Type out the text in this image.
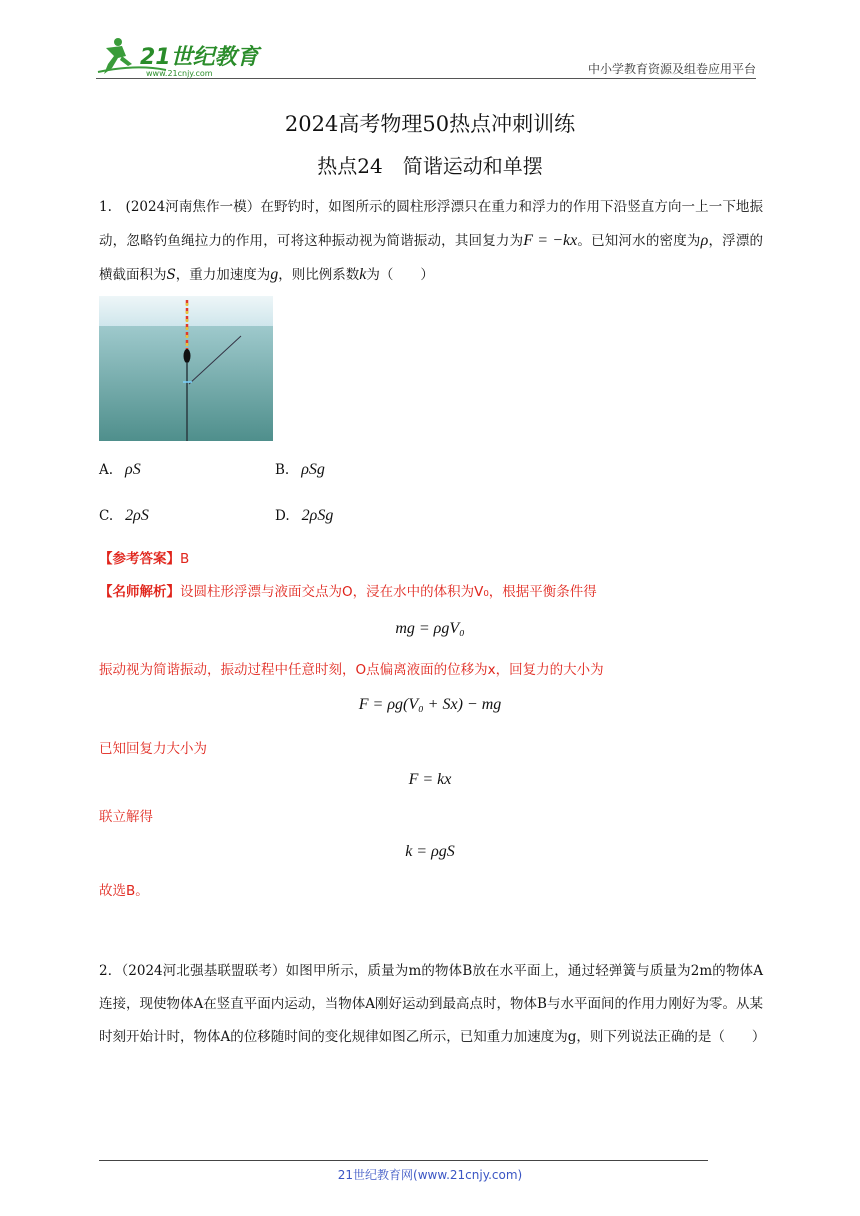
21世纪教育
www.21cnjy.com	中小学教育资源及组卷应用平台
2024高考物理50热点冲刺训练
热点24　简谐运动和单摆
1.　(2024河南焦作一模）在野钓时，如图所示的圆柱形浮漂只在重力和浮力的作用下沿竖直方向一上一下地振动，忽略钓鱼绳拉力的作用，可将这种振动视为简谐振动，其回复力为F = −kx。已知河水的密度为ρ，浮漂的横截面积为S，重力加速度为g，则比例系数k为（　　）
A. ρS	B. ρSg
C. 2ρS	D. 2ρSg
【参考答案】B
【名师解析】设圆柱形浮漂与液面交点为O，浸在水中的体积为V₀，根据平衡条件得
mg = ρgV₀
振动视为简谐振动，振动过程中任意时刻，O点偏离液面的位移为x，回复力的大小为
F = ρg(V₀ + Sx) − mg
已知回复力大小为
F = kx
联立解得
k = ρgS
故选B。
2．（2024河北强基联盟联考）如图甲所示，质量为m的物体B放在水平面上，通过轻弹簧与质量为2m的物体A连接，现使物体A在竖直平面内运动，当物体A刚好运动到最高点时，物体B与水平面间的作用力刚好为零。从某时刻开始计时，物体A的位移随时间的变化规律如图乙所示，已知重力加速度为g，则下列说法正确的是（　　）
21世纪教育网(www.21cnjy.com)
